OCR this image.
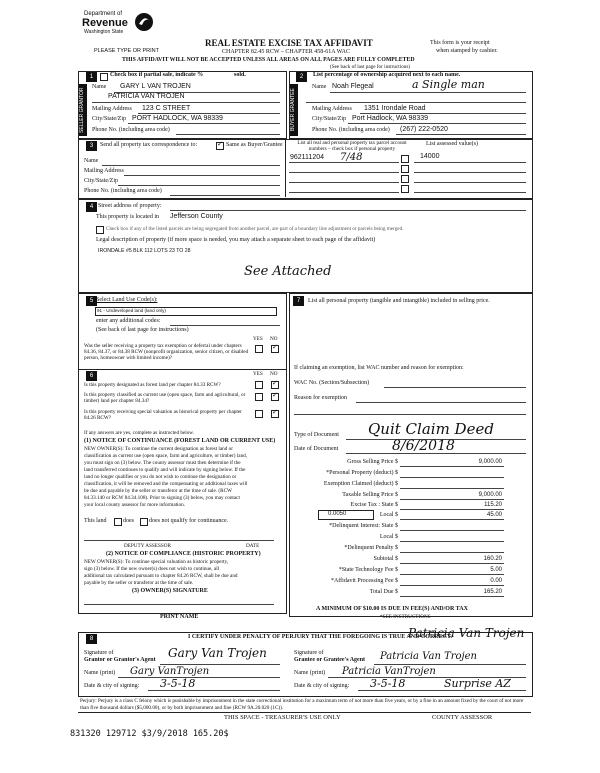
Department of
Revenue
Washington State
PLEASE TYPE OR PRINT
REAL ESTATE EXCISE TAX AFFIDAVIT
CHAPTER 82.45 RCW – CHAPTER 458-61A WAC
THIS AFFIDAVIT WILL NOT BE ACCEPTED UNLESS ALL AREAS ON ALL PAGES ARE FULLY COMPLETED
(See back of last page for instructions)
This form is your receipt
when stamped by cashier.
1	Check box if partial sale, indicate %	sold.
SELLER GRANTOR
Name GARY L VAN TROJEN
PATRICIA VAN TROJEN
Mailing Address 123 C STREET
City/State/Zip PORT HADLOCK, WA 98339
Phone No. (including area code)
2	List percentage of ownership acquired next to each name.
BUYER GRANTEE
Name Noah Flegeal	a Single man
Mailing Address 1351 Irondale Road
City/State/Zip Port Hadlock, WA 98339
Phone No. (including area code) (267) 222-0520
3	Send all property tax correspondence to:	✓ Same as Buyer/Grantee	List all real and personal property tax parcel account numbers – check box if personal property
List assessed value(s)
962111204 7/48	14000
Name
Mailing Address
City/State/Zip
Phone No. (including area code)
4 Street address of property:
This property is located in Jefferson County
Check box if any of the listed parcels are being segregated from another parcel, are part of a boundary line adjustment or parcels being merged.
Legal description of property (if more space is needed, you may attach a separate sheet to each page of the affidavit)
IRONDALE #5 BLK 112 LOTS 23 TO 28
See Attached
5 Select Land Use Code(s):
91 - Undeveloped land (land only)
enter any additional codes:
(See back of last page for instructions)
YES NO
Was the seller receiving a property tax exemption or deferral under chapters 84.36, 84.37, or 84.38 RCW (nonprofit organization, senior citizen, or disabled person, homeowner with limited income)?
✓
6	YES NO
Is this property designated as forest land per chapter 84.33 RCW?	✓
Is this property classified as current use (open space, farm and agricultural, or timber) land per chapter 84.34?
✓
Is this property receiving special valuation as historical property per chapter 84.26 RCW?
✓
If any answers are yes, complete as instructed below.
(1) NOTICE OF CONTINUANCE (FOREST LAND OR CURRENT USE)
NEW OWNER(S): To continue the current designation as forest land or
classification as current use (open space, farm and agriculture, or timber) land,
you must sign on (3) below. The county assessor must then determine if the
land transferred continues to qualify and will indicate by signing below. If the
land no longer qualifies or you do not wish to continue the designation or
classification, it will be removed and the compensating or additional taxes will
be due and payable by the seller or transferor at the time of sale. (RCW
84.33.140 or RCW 84.34.108). Prior to signing (3) below, you may contact
your local county assessor for more information.
This land	does	does not qualify for continuance.
DEPUTY ASSESSOR	DATE
(2) NOTICE OF COMPLIANCE (HISTORIC PROPERTY)
NEW OWNER(S): To continue special valuation as historic property,
sign (3) below. If the new owner(s) does not wish to continue, all
additional tax calculated pursuant to chapter 84.26 RCW, shall be due and
payable by the seller or transferor at the time of sale.
(3) OWNER(S) SIGNATURE
PRINT NAME
7	List all personal property (tangible and intangible) included in selling price.
If claiming an exemption, list WAC number and reason for exemption:
WAC No. (Section/Subsection)
Reason for exemption
Type of Document Quit Claim Deed
Date of Document	8/6/2018
Gross Selling Price $	9,000.00
*Personal Property (deduct) $
Exemption Claimed (deduct) $
Taxable Selling Price $	9,000.00
Excise Tax : State $	115.20
0.0050	Local $	45.00
*Delinquent Interest: State $
Local $
*Delinquent Penalty $
Subtotal $	160.20
*State Technology Fee $	5.00
*Affidavit Processing Fee $	0.00
Total Due $	165.20
A MINIMUM OF $10.00 IS DUE IN FEE(S) AND/OR TAX
*SEE INSTRUCTIONS
8	I CERTIFY UNDER PENALTY OF PERJURY THAT THE FOREGOING IS TRUE AND CORRECT.
Signature of
Grantor or Grantor's Agent Gary Van Trojen
Name (print) Gary VanTrojen
Date & city of signing: 3-5-18
Patricia Van Trojen
Signature of
Grantee or Grantee's Agent Patricia Van Trojen
Name (print) Patricia VanTrojen
Date & city of signing: 3-5-18	Surprise AZ
Perjury: Perjury is a class C felony which is punishable by imprisonment in the state correctional institution for a maximum term of not more than five years, or by a fine in an amount fixed by the court of not more than five thousand dollars ($5,000.00), or by both imprisonment and fine (RCW 9A.20.020 (1C)).
THIS SPACE - TREASURER'S USE ONLY	COUNTY ASSESSOR
831320 129712 $3/9/2018 165.20$
